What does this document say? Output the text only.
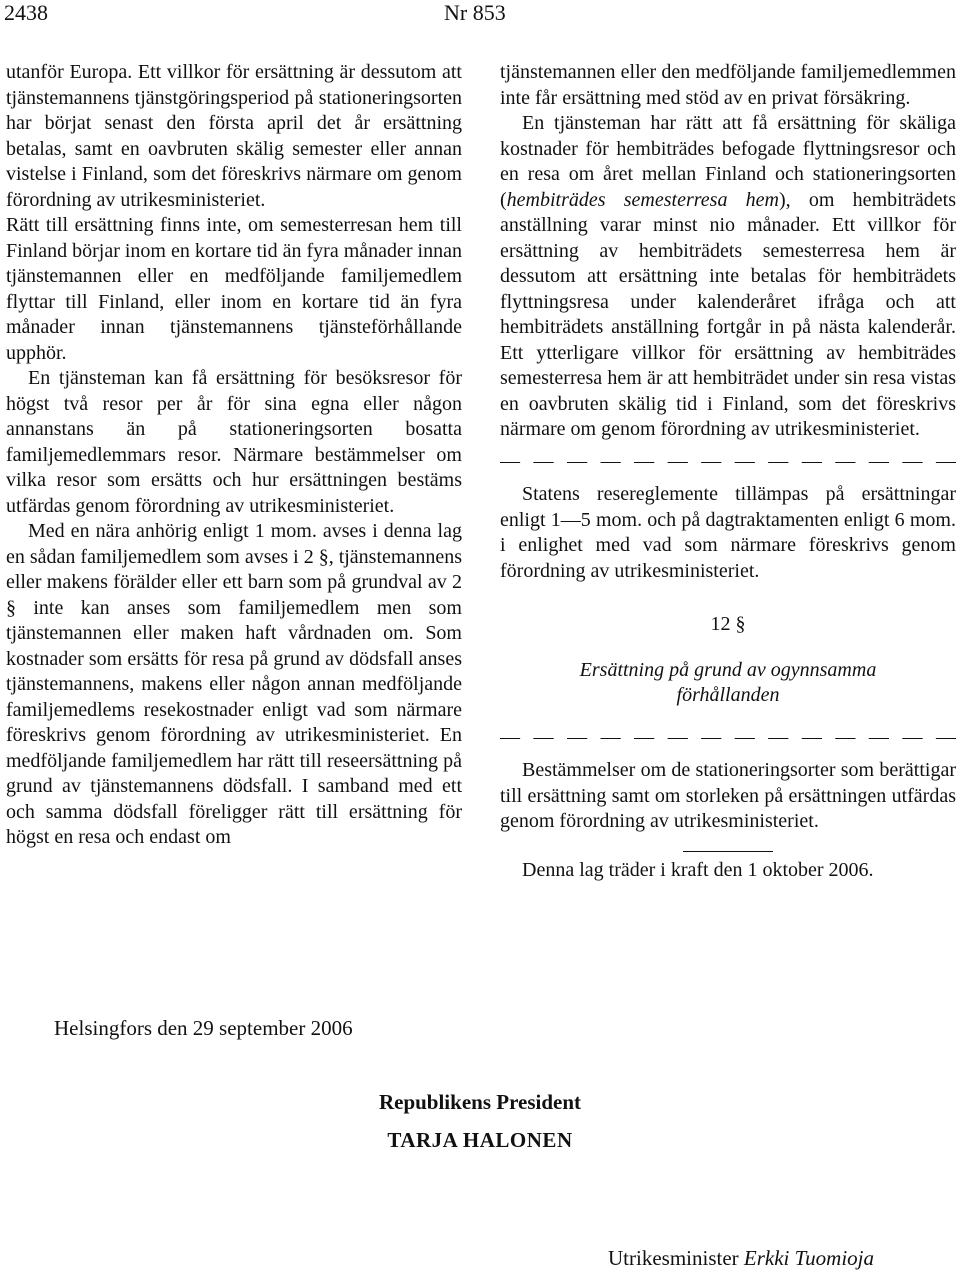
2438	Nr 853

utanför Europa. Ett villkor för ersättning är dessutom att tjänstemannens tjänstgöringsperiod på stationeringsorten har börjat senast den första april det år ersättning betalas, samt en oavbruten skälig semester eller annan vistelse i Finland, som det föreskrivs närmare om genom förordning av utrikesministeriet.

Rätt till ersättning finns inte, om semesterresan hem till Finland börjar inom en kortare tid än fyra månader innan tjänstemannen eller en medföljande familjemedlem flyttar till Finland, eller inom en kortare tid än fyra månader innan tjänstemannens tjänsteförhållande upphör.

En tjänsteman kan få ersättning för besöksresor för högst två resor per år för sina egna eller någon annanstans än på stationeringsorten bosatta familjemedlemmars resor. Närmare bestämmelser om vilka resor som ersätts och hur ersättningen bestäms utfärdas genom förordning av utrikesministeriet.

Med en nära anhörig enligt 1 mom. avses i denna lag en sådan familjemedlem som avses i 2 §, tjänstemannens eller makens förälder eller ett barn som på grundval av 2 § inte kan anses som familjemedlem men som tjänstemannen eller maken haft vårdnaden om. Som kostnader som ersätts för resa på grund av dödsfall anses tjänstemannens, makens eller någon annan medföljande familjemedlems resekostnader enligt vad som närmare föreskrivs genom förordning av utrikesministeriet. En medföljande familjemedlem har rätt till reseersättning på grund av tjänstemannens dödsfall. I samband med ett och samma dödsfall föreligger rätt till ersättning för högst en resa och endast om

tjänstemannen eller den medföljande familjemedlemmen inte får ersättning med stöd av en privat försäkring.

En tjänsteman har rätt att få ersättning för skäliga kostnader för hembiträdes befogade flyttningsresor och en resa om året mellan Finland och stationeringsorten (hembiträdes semesterresa hem), om hembiträdets anställning varar minst nio månader. Ett villkor för ersättning av hembiträdets semesterresa hem är dessutom att ersättning inte betalas för hembiträdets flyttningsresa under kalenderåret ifråga och att hembiträdets anställning fortgår in på nästa kalenderår. Ett ytterligare villkor för ersättning av hembiträdes semesterresa hem är att hembiträdet under sin resa vistas en oavbruten skälig tid i Finland, som det föreskrivs närmare om genom förordning av utrikesministeriet.

— — — — — — — — — — — — — —

Statens resereglemente tillämpas på ersättningar enligt 1—5 mom. och på dagtraktamenten enligt 6 mom. i enlighet med vad som närmare föreskrivs genom förordning av utrikesministeriet.

12 §

Ersättning på grund av ogynnsamma förhållanden

— — — — — — — — — — — — — —

Bestämmelser om de stationeringsorter som berättigar till ersättning samt om storleken på ersättningen utfärdas genom förordning av utrikesministeriet.

Denna lag träder i kraft den 1 oktober 2006.

Helsingfors den 29 september 2006
Republikens President
TARJA HALONEN
Utrikesminister Erkki Tuomioja
